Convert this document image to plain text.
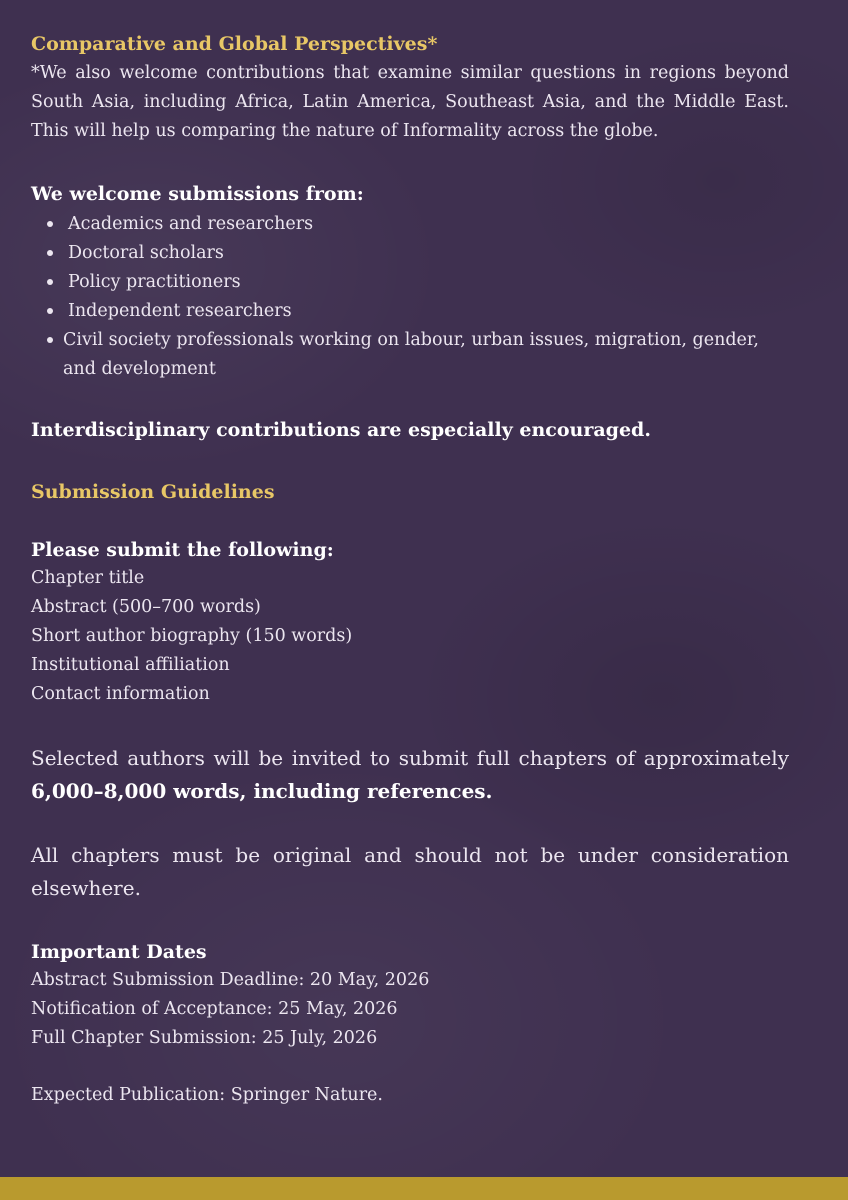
Comparative and Global Perspectives*

*We also welcome contributions that examine similar questions in regions beyond South Asia, including Africa, Latin America, Southeast Asia, and the Middle East. This will help us comparing the nature of Informality across the globe.

We welcome submissions from:

Academics and researchers
Doctoral scholars
Policy practitioners
Independent researchers
Civil society professionals working on labour, urban issues, migration, gender, and development

Interdisciplinary contributions are especially encouraged.

Submission Guidelines

Please submit the following:

Chapter title

Abstract (500–700 words)

Short author biography (150 words)

Institutional affiliation

Contact information

Selected authors will be invited to submit full chapters of approximately 6,000–8,000 words, including references.

All chapters must be original and should not be under consideration elsewhere.

Important Dates

Abstract Submission Deadline: 20 May, 2026

Notification of Acceptance: 25 May, 2026

Full Chapter Submission: 25 July, 2026

Expected Publication: Springer Nature.
